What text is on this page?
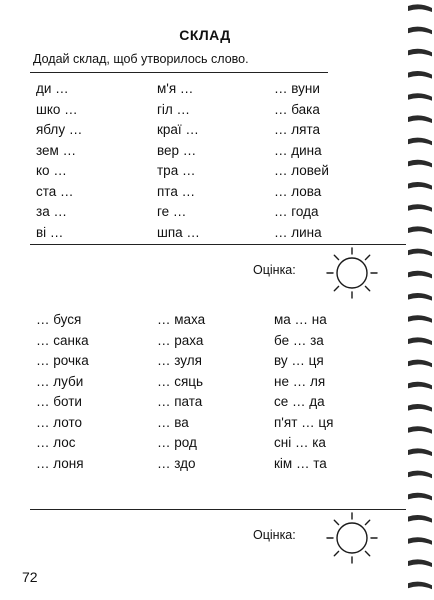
СКЛАД
Додай склад, щоб утворилось слово.
ди …
шко …
яблу …
зем …
ко …
ста …
за …
ві …
м'я …
гіл …
краї …
вер …
тра …
пта …
ге …
шпа …
… вуни
… бака
… лята
… дина
… ловей
… лова
… года
… лина
Оцінка:
… буся
… санка
… рочка
… луби
… боти
… лото
… лос
… лоня
… маха
… раха
… зуля
… сяць
… пата
… ва
… род
… здо
ма … на
бе … за
ву … ця
не … ля
се … да
п'ят … ця
сні … ка
кім … та
Оцінка:
72
